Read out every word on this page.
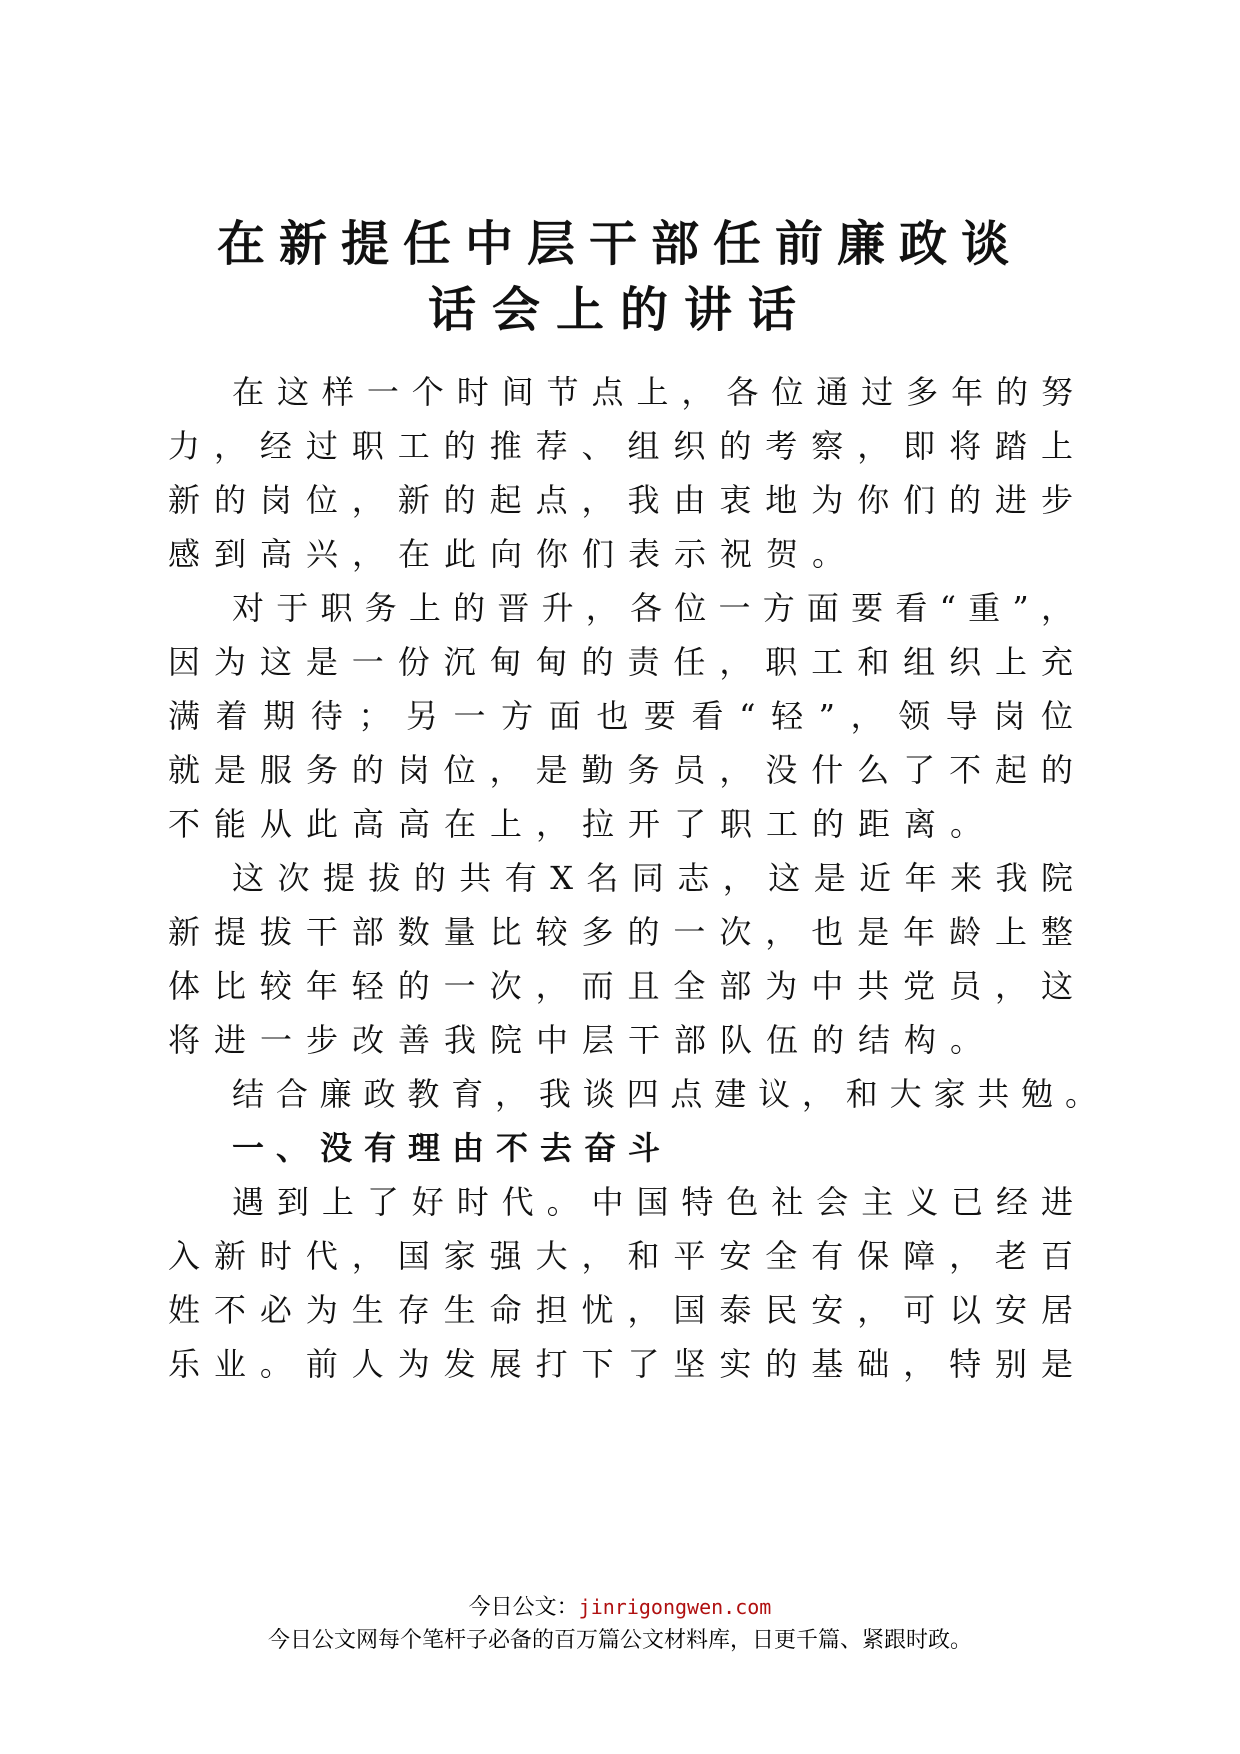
在新提任中层干部任前廉政谈
话会上的讲话

在这样一个时间节点上，各位通过多年的努

力，经过职工的推荐、组织的考察，即将踏上

新的岗位，新的起点，我由衷地为你们的进步

感到高兴，在此向你们表示祝贺。

对于职务上的晋升，各位一方面要看“重”，

因为这是一份沉甸甸的责任，职工和组织上充

满着期待；另一方面也要看“轻”，领导岗位

就是服务的岗位，是勤务员，没什么了不起的

不能从此高高在上，拉开了职工的距离。

这次提拔的共有X名同志，这是近年来我院

新提拔干部数量比较多的一次，也是年龄上整

体比较年轻的一次，而且全部为中共党员，这

将进一步改善我院中层干部队伍的结构。

结合廉政教育，我谈四点建议，和大家共勉。

一、没有理由不去奋斗

遇到上了好时代。中国特色社会主义已经进

入新时代，国家强大，和平安全有保障，老百

姓不必为生存生命担忧，国泰民安，可以安居

乐业。前人为发展打下了坚实的基础，特别是

今日公文：jinrigongwen.com

今日公文网每个笔杆子必备的百万篇公文材料库，日更千篇、紧跟时政。
